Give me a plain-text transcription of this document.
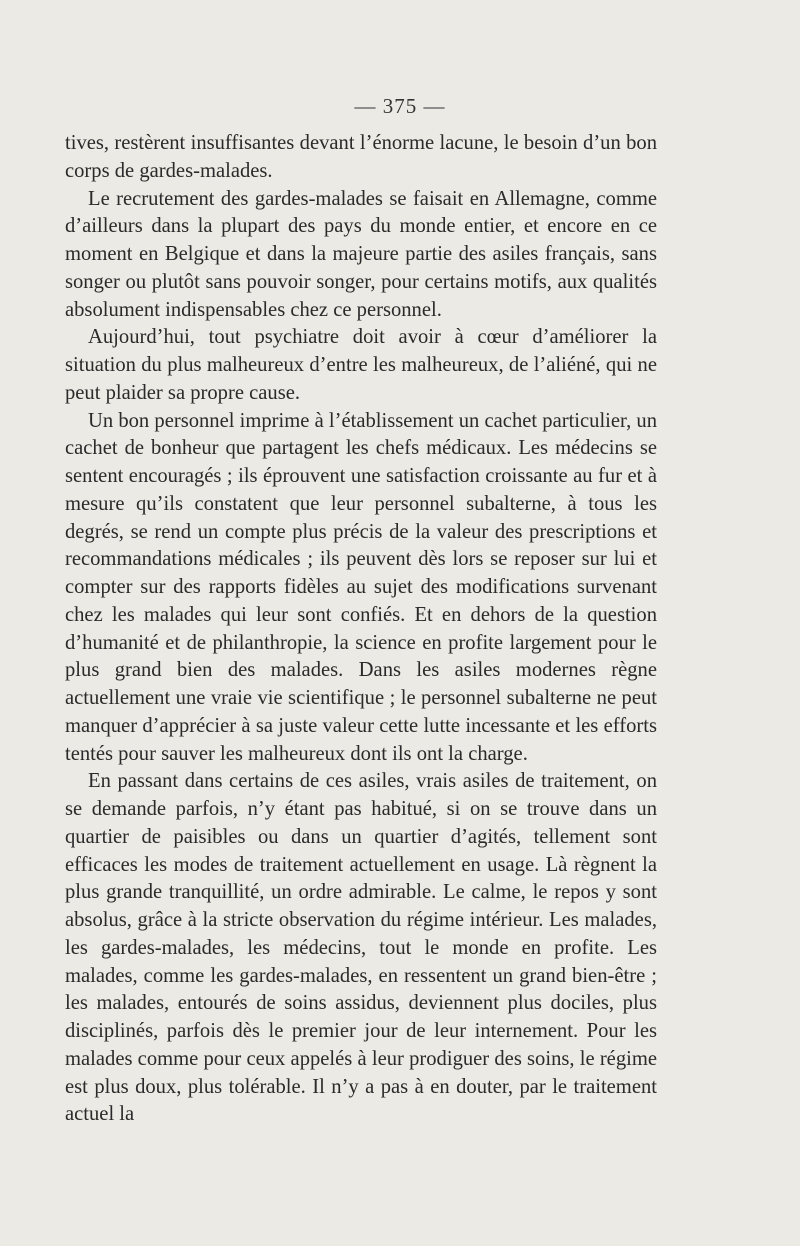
— 375 —

tives, restèrent insuffisantes devant l’énorme lacune, le besoin d’un bon corps de gardes-malades.

Le recrutement des gardes-malades se faisait en Allemagne, comme d’ailleurs dans la plupart des pays du monde entier, et encore en ce moment en Belgique et dans la majeure partie des asiles français, sans songer ou plutôt sans pouvoir songer, pour certains motifs, aux qualités absolument indispensables chez ce personnel.

Aujourd’hui, tout psychiatre doit avoir à cœur d’améliorer la situation du plus malheureux d’entre les malheureux, de l’aliéné, qui ne peut plaider sa propre cause.

Un bon personnel imprime à l’établissement un cachet particulier, un cachet de bonheur que partagent les chefs médicaux. Les médecins se sentent encouragés ; ils éprouvent une satisfaction croissante au fur et à mesure qu’ils constatent que leur personnel subalterne, à tous les degrés, se rend un compte plus précis de la valeur des prescriptions et recommandations médicales ; ils peuvent dès lors se reposer sur lui et compter sur des rapports fidèles au sujet des modifications survenant chez les malades qui leur sont confiés. Et en dehors de la question d’humanité et de philanthropie, la science en profite largement pour le plus grand bien des malades. Dans les asiles modernes règne actuellement une vraie vie scientifique ; le personnel subalterne ne peut manquer d’apprécier à sa juste valeur cette lutte incessante et les efforts tentés pour sauver les malheureux dont ils ont la charge.

En passant dans certains de ces asiles, vrais asiles de traitement, on se demande parfois, n’y étant pas habitué, si on se trouve dans un quartier de paisibles ou dans un quartier d’agités, tellement sont efficaces les modes de traitement actuellement en usage. Là règnent la plus grande tranquillité, un ordre admirable. Le calme, le repos y sont absolus, grâce à la stricte observation du régime intérieur. Les malades, les gardes-malades, les médecins, tout le monde en profite. Les malades, comme les gardes-malades, en ressentent un grand bien-être ; les malades, entourés de soins assidus, deviennent plus dociles, plus disciplinés, parfois dès le premier jour de leur internement. Pour les malades comme pour ceux appelés à leur prodiguer des soins, le régime est plus doux, plus tolérable. Il n’y a pas à en douter, par le traitement actuel la
